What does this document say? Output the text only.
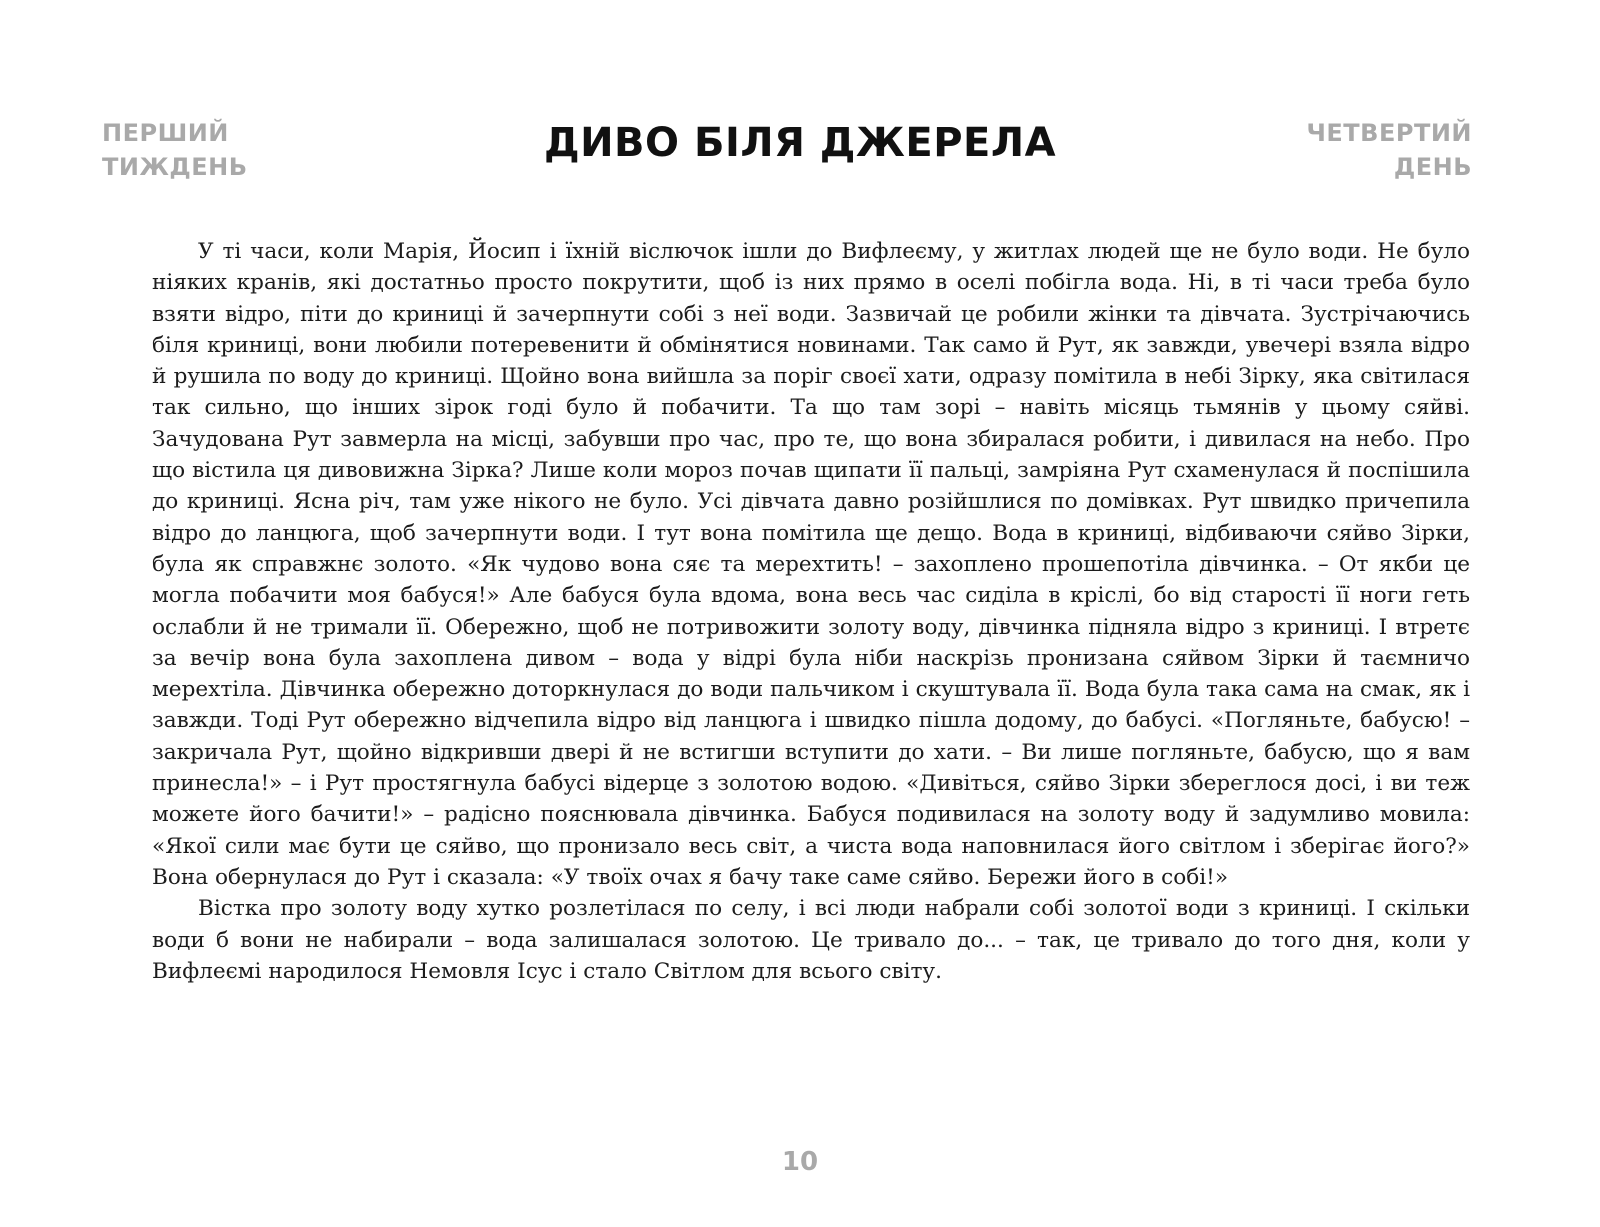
ПЕРШИЙ
ТИЖДЕНЬ
ДИВО БІЛЯ ДЖЕРЕЛА	ЧЕТВЕРТИЙ
ДЕНЬ

У ті часи, коли Марія, Йосип і їхній віслючок ішли до Вифлеєму, у житлах людей ще не було води. Не було ніяких кранів, які достатньо просто покрутити, щоб із них прямо в оселі побігла вода. Ні, в ті часи треба було взяти відро, піти до криниці й зачерпнути собі з неї води. Зазвичай це робили жінки та дівчата. Зустрічаючись біля криниці, вони любили потеревенити й обмінятися новинами. Так само й Рут, як завжди, увечері взяла відро й рушила по воду до криниці. Щойно вона вийшла за поріг своєї хати, одразу помітила в небі Зірку, яка світилася так сильно, що інших зірок годі було й побачити. Та що там зорі – навіть місяць тьмянів у цьому сяйві. Зачудована Рут завмерла на місці, забувши про час, про те, що вона збиралася робити, і дивилася на небо. Про що вістила ця дивовижна Зірка? Лише коли мороз почав щипати її пальці, замріяна Рут схаменулася й поспішила до криниці. Ясна річ, там уже нікого не було. Усі дівчата давно розійшлися по домівках. Рут швидко причепила відро до ланцюга, щоб зачерпнути води. І тут вона помітила ще дещо. Вода в криниці, відбиваючи сяйво Зірки, була як справжнє золото. «Як чудово вона сяє та мерехтить! – захоплено прошепотіла дівчинка. – От якби це могла побачити моя бабуся!» Але бабуся була вдома, вона весь час сиділа в кріслі, бо від старості її ноги геть ослабли й не тримали її. Обережно, щоб не потривожити золоту воду, дівчинка підняла відро з криниці. І втретє за вечір вона була захоплена дивом – вода у відрі була ніби наскрізь пронизана сяйвом Зірки й таємничо мерехтіла. Дівчинка обережно доторкнулася до води пальчиком і скуштувала її. Вода була така сама на смак, як і завжди. Тоді Рут обережно відчепила відро від ланцюга і швидко пішла додому, до бабусі. «Погляньте, бабусю! – закричала Рут, щойно відкривши двері й не встигши вступити до хати. – Ви лише погляньте, бабусю, що я вам принесла!» – і Рут простягнула бабусі відерце з золотою водою. «Дивіться, сяйво Зірки збереглося досі, і ви теж можете його бачити!» – радісно пояснювала дівчинка. Бабуся подивилася на золоту воду й задумливо мовила: «Якої сили має бути це сяйво, що пронизало весь світ, а чиста вода наповнилася його світлом і зберігає його?» Вона обернулася до Рут і сказала: «У твоїх очах я бачу таке саме сяйво. Бережи його в собі!»

Вістка про золоту воду хутко розлетілася по селу, і всі люди набрали собі золотої води з криниці. І скільки води б вони не набирали – вода залишалася золотою. Це тривало до... – так, це тривало до того дня, коли у Вифлеємі народилося Немовля Ісус і стало Світлом для всього світу.

10
